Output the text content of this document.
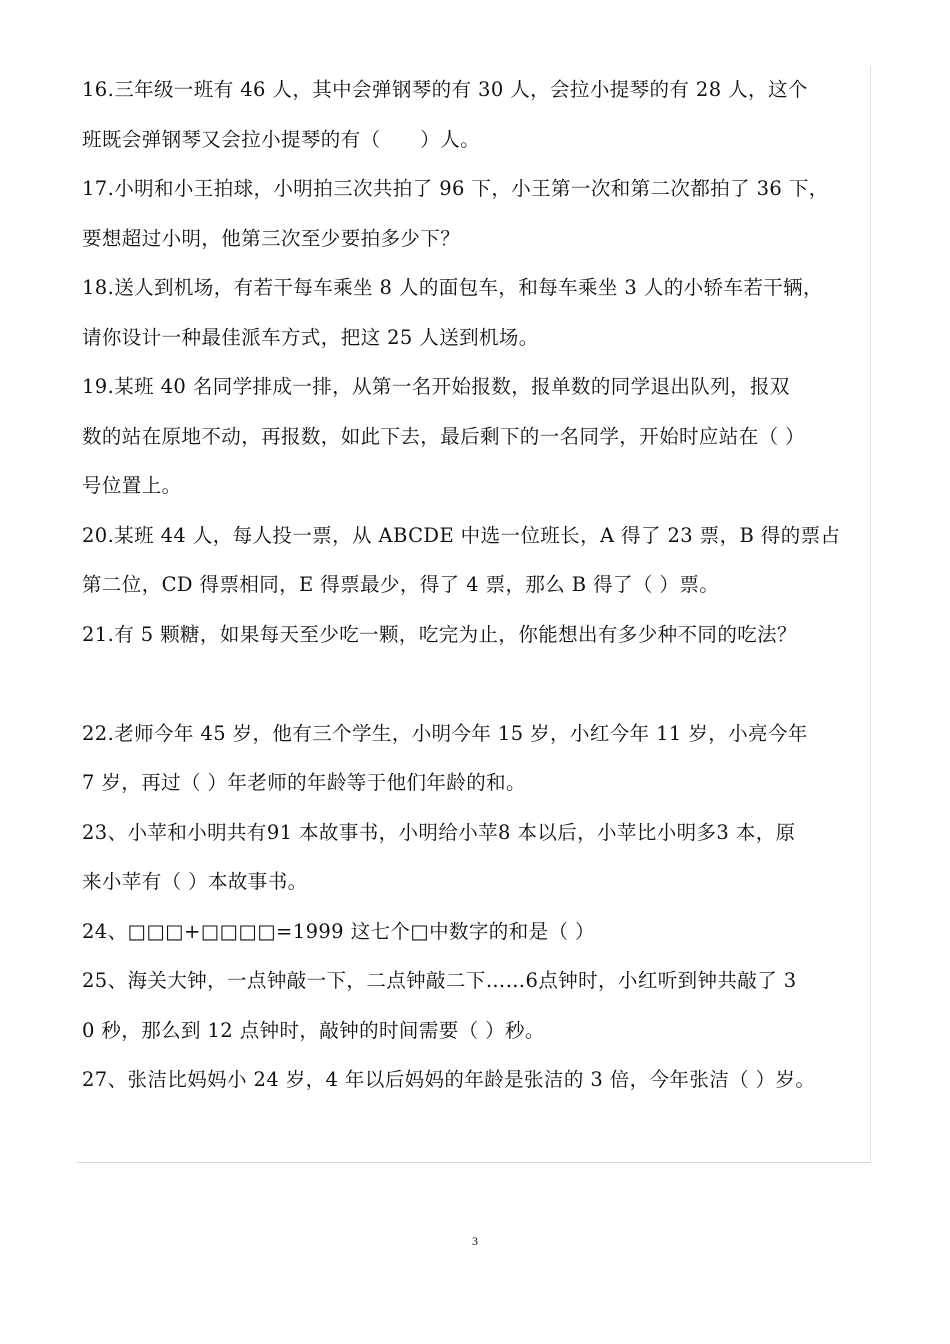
16.三年级一班有 46 人，其中会弹钢琴的有 30 人，会拉小提琴的有 28 人，这个
班既会弹钢琴又会拉小提琴的有（　　）人。
17.小明和小王拍球，小明拍三次共拍了 96 下，小王第一次和第二次都拍了 36 下，
要想超过小明，他第三次至少要拍多少下？
18.送人到机场，有若干每车乘坐 8 人的面包车，和每车乘坐 3 人的小轿车若干辆，
请你设计一种最佳派车方式，把这 25 人送到机场。
19.某班 40 名同学排成一排，从第一名开始报数，报单数的同学退出队列，报双
数的站在原地不动，再报数，如此下去，最后剩下的一名同学，开始时应站在（ ）
号位置上。
20.某班 44 人，每人投一票，从 ABCDE 中选一位班长，A 得了 23 票，B 得的票占
第二位，CD 得票相同，E 得票最少，得了 4 票，那么 B 得了（ ）票。
21.有 5 颗糖，如果每天至少吃一颗，吃完为止，你能想出有多少种不同的吃法？
22.老师今年 45 岁，他有三个学生，小明今年 15 岁，小红今年 11 岁，小亮今年
7 岁，再过（ ）年老师的年龄等于他们年龄的和。
23、小苹和小明共有91 本故事书，小明给小苹8 本以后，小苹比小明多3 本，原
来小苹有（ ）本故事书。
24、□□□+□□□□=1999 这七个□中数字的和是（ ）
25、海关大钟，一点钟敲一下，二点钟敲二下……6点钟时，小红听到钟共敲了 3
0 秒，那么到 12 点钟时，敲钟的时间需要（ ）秒。
27、张洁比妈妈小 24 岁，4 年以后妈妈的年龄是张洁的 3 倍，今年张洁（ ）岁。
3
